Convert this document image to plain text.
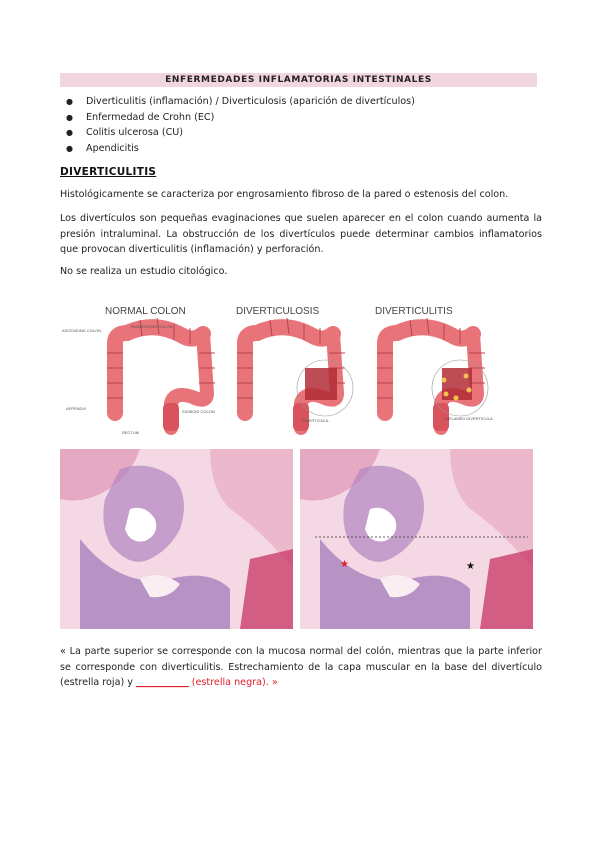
ENFERMEDADES INFLAMATORIAS INTESTINALES
● Diverticulitis (inflamación) / Diverticulosis (aparición de divertículos)
● Enfermedad de Crohn (EC)
● Colitis ulcerosa (CU)
● Apendicitis
DIVERTICULITIS
Histológicamente se caracteriza por engrosamiento fibroso de la pared o estenosis del colon.
Los divertículos son pequeñas evaginaciones que suelen aparecer en el colon cuando aumenta la presión intraluminal. La obstrucción de los divertículos puede determinar cambios inflamatorios que provocan diverticulitis (inflamación) y perforación.
No se realiza un estudio citológico.
NORMAL COLON
ASCENDING COLON
TRANSVERSE COLON
APPENDIX
SIGMOID COLON
RECTUM
DIVERTICULOSIS
DIVERTICULA
DIVERTICULITIS
INFLAMED DIVERTICULA
★	★
« La parte superior se corresponde con la mucosa normal del colón, mientras que la parte inferior se corresponde con diverticulitis. Estrechamiento de la capa muscular en la base del divertículo (estrella roja) y ___________ (estrella negra). »
